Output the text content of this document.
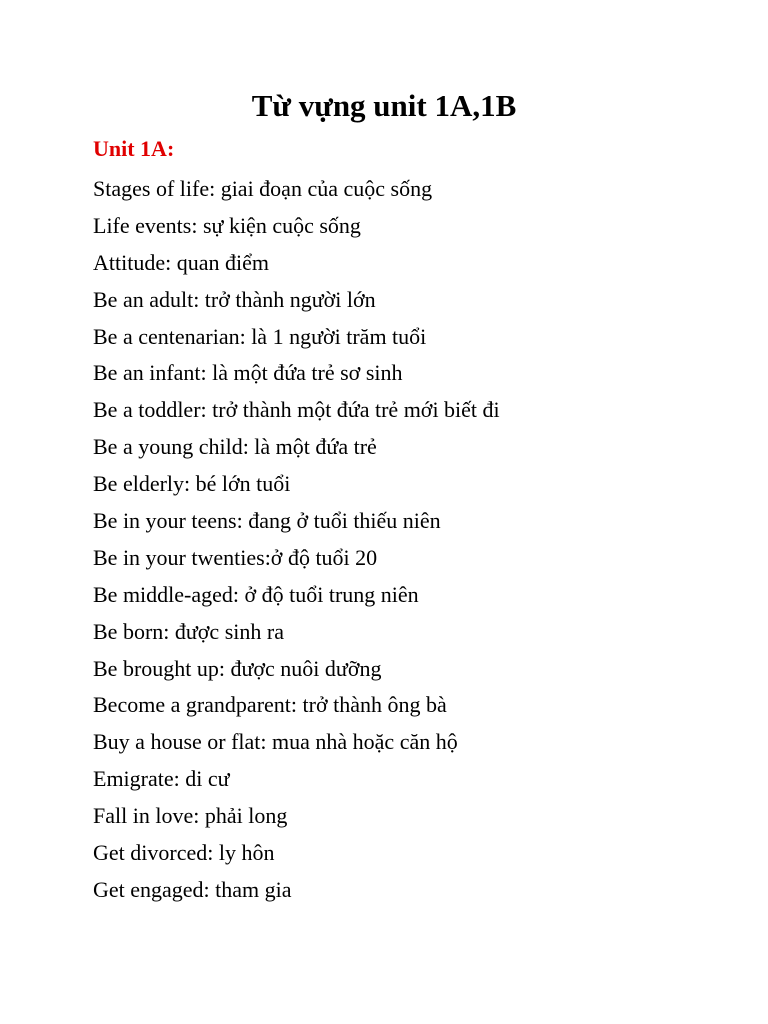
Từ vựng unit 1A,1B
Unit 1A:
Stages of life: giai đoạn của cuộc sống
Life events: sự kiện cuộc sống
Attitude: quan điểm
Be an adult: trở thành người lớn
Be a centenarian: là 1 người trăm tuổi
Be an infant: là một đứa trẻ sơ sinh
Be a toddler: trở thành một đứa trẻ mới biết đi
Be a young child: là một đứa trẻ
Be elderly: bé lớn tuổi
Be in your teens: đang ở tuổi thiếu niên
Be in your twenties:ở độ tuổi 20
Be middle-aged: ở độ tuổi trung niên
Be born: được sinh ra
Be brought up: được nuôi dưỡng
Become a grandparent: trở thành ông bà
Buy a house or flat: mua nhà hoặc căn hộ
Emigrate: di cư
Fall in love: phải long
Get divorced: ly hôn
Get engaged: tham gia
